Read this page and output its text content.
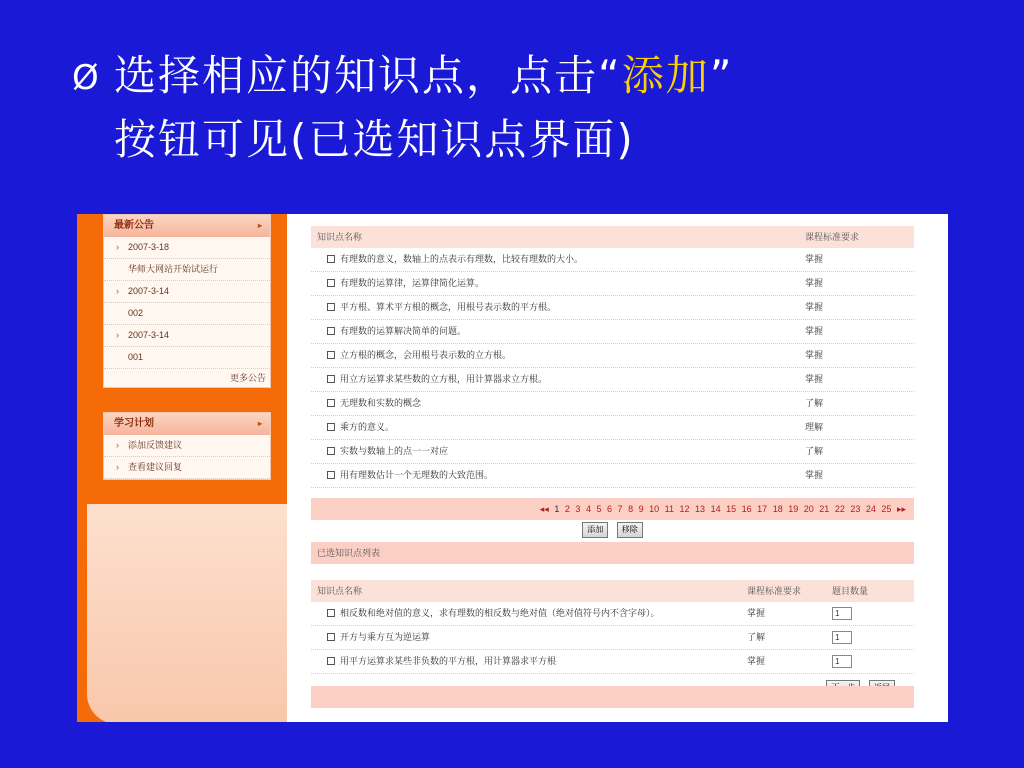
Ø 选择相应的知识点，点击“添加”
按钮可见(已选知识点界面)
最新公告	▸
› 2007-3-18
华师大网站开始试运行
› 2007-3-14
002
› 2007-3-14
001
更多公告
学习计划	▸
› 添加反馈建议
› 查看建议回复
知识点名称	课程标准要求
有理数的意义，数轴上的点表示有理数，比较有理数的大小。	掌握
有理数的运算律，运算律简化运算。	掌握
平方根、算术平方根的概念，用根号表示数的平方根。	掌握
有理数的运算解决简单的问题。	掌握
立方根的概念，会用根号表示数的立方根。	掌握
用立方运算求某些数的立方根，用计算器求立方根。	掌握
无理数和实数的概念	了解
乘方的意义。	理解
实数与数轴上的点一一对应	了解
用有理数估计一个无理数的大致范围。	掌握
◂◂ 1 2 3 4 5 6 7 8 9 10 11 12 13 14 15 16 17 18 19 20 21 22 23 24 25 ▸▸
添加 移除
已选知识点列表
知识点名称	课程标准要求	题目数量
相反数和绝对值的意义，求有理数的相反数与绝对值（绝对值符号内不含字母）。	掌握	1
开方与乘方互为逆运算	了解	1
用平方运算求某些非负数的平方根，用计算器求平方根	掌握	1
